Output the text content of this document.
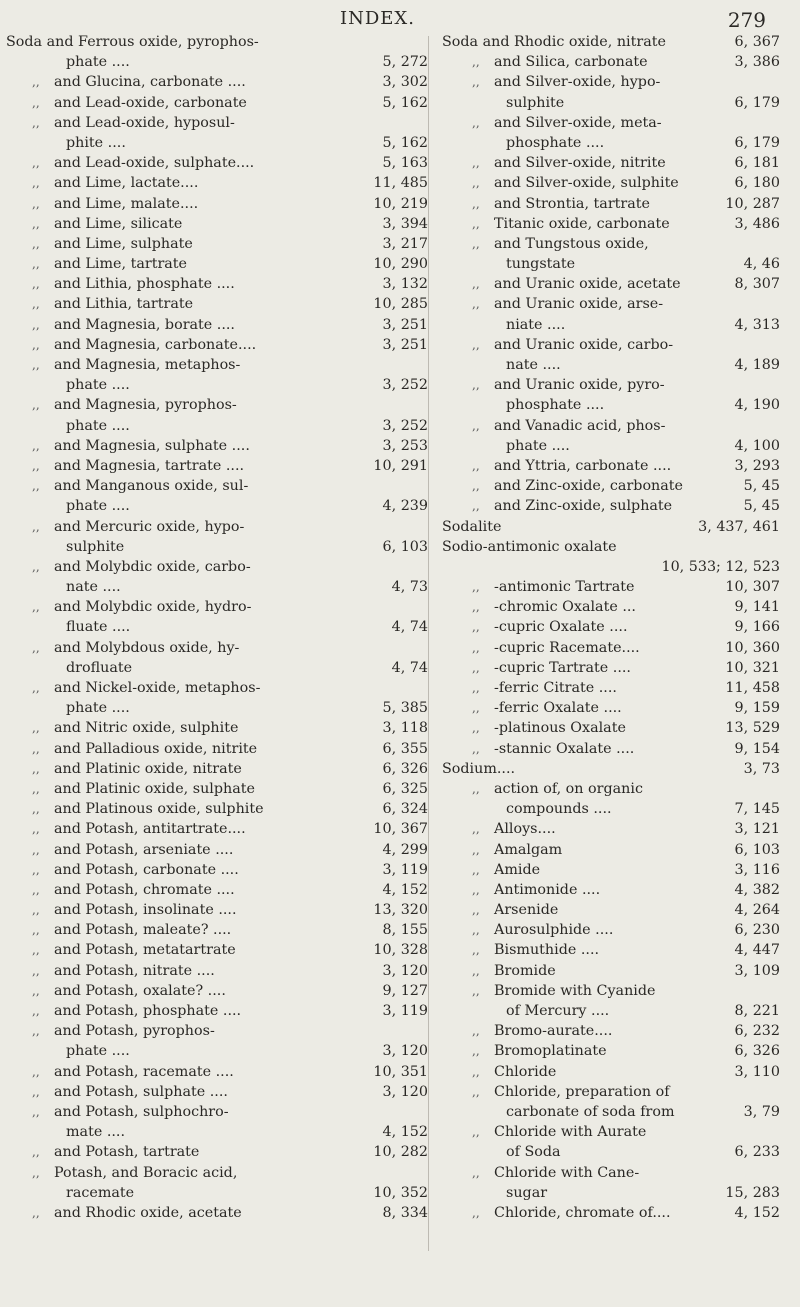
INDEX.	279
Soda and Ferrous oxide, pyrophos-
phate ....	5, 272
,, and Glucina, carbonate ....	3, 302
,, and Lead-oxide, carbonate	5, 162
,, and Lead-oxide, hyposul-
phite ....	5, 162
,, and Lead-oxide, sulphate....	5, 163
,, and Lime, lactate....	11, 485
,, and Lime, malate....	10, 219
,, and Lime, silicate	3, 394
,, and Lime, sulphate	3, 217
,, and Lime, tartrate	10, 290
,, and Lithia, phosphate ....	3, 132
,, and Lithia, tartrate	10, 285
,, and Magnesia, borate ....	3, 251
,, and Magnesia, carbonate....	3, 251
,, and Magnesia, metaphos-
phate ....	3, 252
,, and Magnesia, pyrophos-
phate ....	3, 252
,, and Magnesia, sulphate ....	3, 253
,, and Magnesia, tartrate ....	10, 291
,, and Manganous oxide, sul-
phate ....	4, 239
,, and Mercuric oxide, hypo-
sulphite	6, 103
,, and Molybdic oxide, carbo-
nate ....	4, 73
,, and Molybdic oxide, hydro-
fluate ....	4, 74
,, and Molybdous oxide, hy-
drofluate	4, 74
,, and Nickel-oxide, metaphos-
phate ....	5, 385
,, and Nitric oxide, sulphite	3, 118
,, and Palladious oxide, nitrite	6, 355
,, and Platinic oxide, nitrate	6, 326
,, and Platinic oxide, sulphate	6, 325
,, and Platinous oxide, sulphite	6, 324
,, and Potash, antitartrate....	10, 367
,, and Potash, arseniate ....	4, 299
,, and Potash, carbonate ....	3, 119
,, and Potash, chromate ....	4, 152
,, and Potash, insolinate ....	13, 320
,, and Potash, maleate? ....	8, 155
,, and Potash, metatartrate	10, 328
,, and Potash, nitrate ....	3, 120
,, and Potash, oxalate? ....	9, 127
,, and Potash, phosphate ....	3, 119
,, and Potash, pyrophos-
phate ....	3, 120
,, and Potash, racemate ....	10, 351
,, and Potash, sulphate ....	3, 120
,, and Potash, sulphochro-
mate ....	4, 152
,, and Potash, tartrate	10, 282
,, Potash, and Boracic acid,
racemate	10, 352
,, and Rhodic oxide, acetate	8, 334
Soda and Rhodic oxide, nitrate	6, 367
,, and Silica, carbonate	3, 386
,, and Silver-oxide, hypo-
sulphite	6, 179
,, and Silver-oxide, meta-
phosphate ....	6, 179
,, and Silver-oxide, nitrite	6, 181
,, and Silver-oxide, sulphite	6, 180
,, and Strontia, tartrate	10, 287
,, Titanic oxide, carbonate	3, 486
,, and Tungstous oxide,
tungstate	4, 46
,, and Uranic oxide, acetate	8, 307
,, and Uranic oxide, arse-
niate ....	4, 313
,, and Uranic oxide, carbo-
nate ....	4, 189
,, and Uranic oxide, pyro-
phosphate ....	4, 190
,, and Vanadic acid, phos-
phate ....	4, 100
,, and Yttria, carbonate ....	3, 293
,, and Zinc-oxide, carbonate	5, 45
,, and Zinc-oxide, sulphate	5, 45
Sodalite	3, 437, 461
Sodio-antimonic oxalate
10, 533; 12, 523
,, -antimonic Tartrate	10, 307
,, -chromic Oxalate ...	9, 141
,, -cupric Oxalate ....	9, 166
,, -cupric Racemate....	10, 360
,, -cupric Tartrate ....	10, 321
,, -ferric Citrate ....	11, 458
,, -ferric Oxalate ....	9, 159
,, -platinous Oxalate	13, 529
,, -stannic Oxalate ....	9, 154
Sodium....	3, 73
,, action of, on organic
compounds ....	7, 145
,, Alloys....	3, 121
,, Amalgam	6, 103
,, Amide	3, 116
,, Antimonide ....	4, 382
,, Arsenide	4, 264
,, Aurosulphide ....	6, 230
,, Bismuthide ....	4, 447
,, Bromide	3, 109
,, Bromide with Cyanide
of Mercury ....	8, 221
,, Bromo-aurate....	6, 232
,, Bromoplatinate	6, 326
,, Chloride	3, 110
,, Chloride, preparation of
carbonate of soda from	3, 79
,, Chloride with Aurate
of Soda	6, 233
,, Chloride with Cane-
sugar	15, 283
,, Chloride, chromate of....	4, 152
